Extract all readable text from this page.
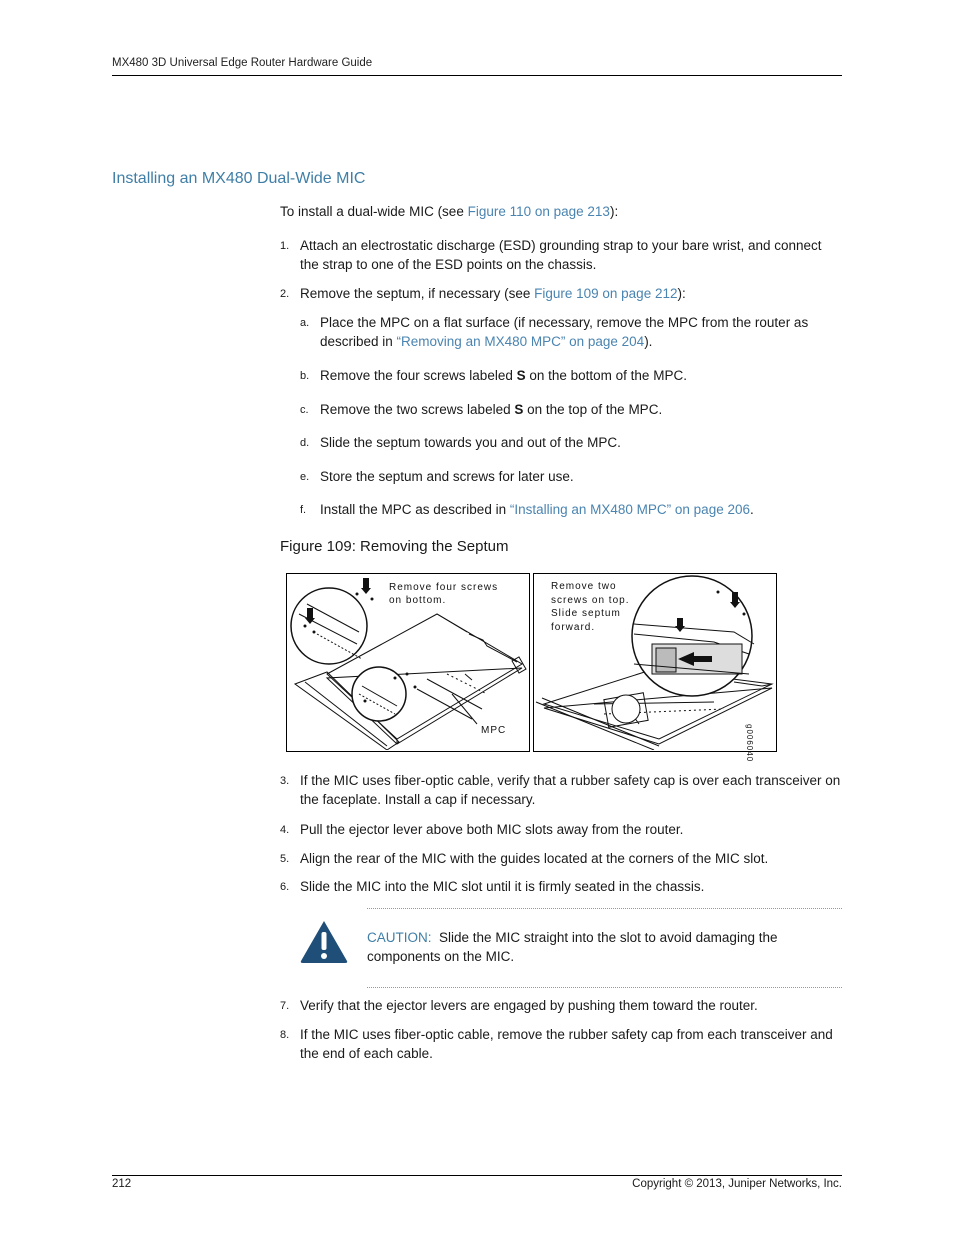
MX480 3D Universal Edge Router Hardware Guide
Installing an MX480 Dual-Wide MIC
To install a dual-wide MIC (see Figure 110 on page 213):
1. Attach an electrostatic discharge (ESD) grounding strap to your bare wrist, and connect the strap to one of the ESD points on the chassis.
2. Remove the septum, if necessary (see Figure 109 on page 212):
a. Place the MPC on a flat surface (if necessary, remove the MPC from the router as described in “Removing an MX480 MPC” on page 204).
b. Remove the four screws labeled S on the bottom of the MPC.
c. Remove the two screws labeled S on the top of the MPC.
d. Slide the septum towards you and out of the MPC.
e. Store the septum and screws for later use.
f. Install the MPC as described in “Installing an MX480 MPC” on page 206.
Figure 109: Removing the Septum
Remove four screws
on bottom.
MPC
Remove two
screws on top.
Slide septum
forward.
g006040
3. If the MIC uses fiber-optic cable, verify that a rubber safety cap is over each transceiver on the faceplate. Install a cap if necessary.
4. Pull the ejector lever above both MIC slots away from the router.
5. Align the rear of the MIC with the guides located at the corners of the MIC slot.
6. Slide the MIC into the MIC slot until it is firmly seated in the chassis.
CAUTION: Slide the MIC straight into the slot to avoid damaging the components on the MIC.
7. Verify that the ejector levers are engaged by pushing them toward the router.
8. If the MIC uses fiber-optic cable, remove the rubber safety cap from each transceiver and the end of each cable.
212	Copyright © 2013, Juniper Networks, Inc.
